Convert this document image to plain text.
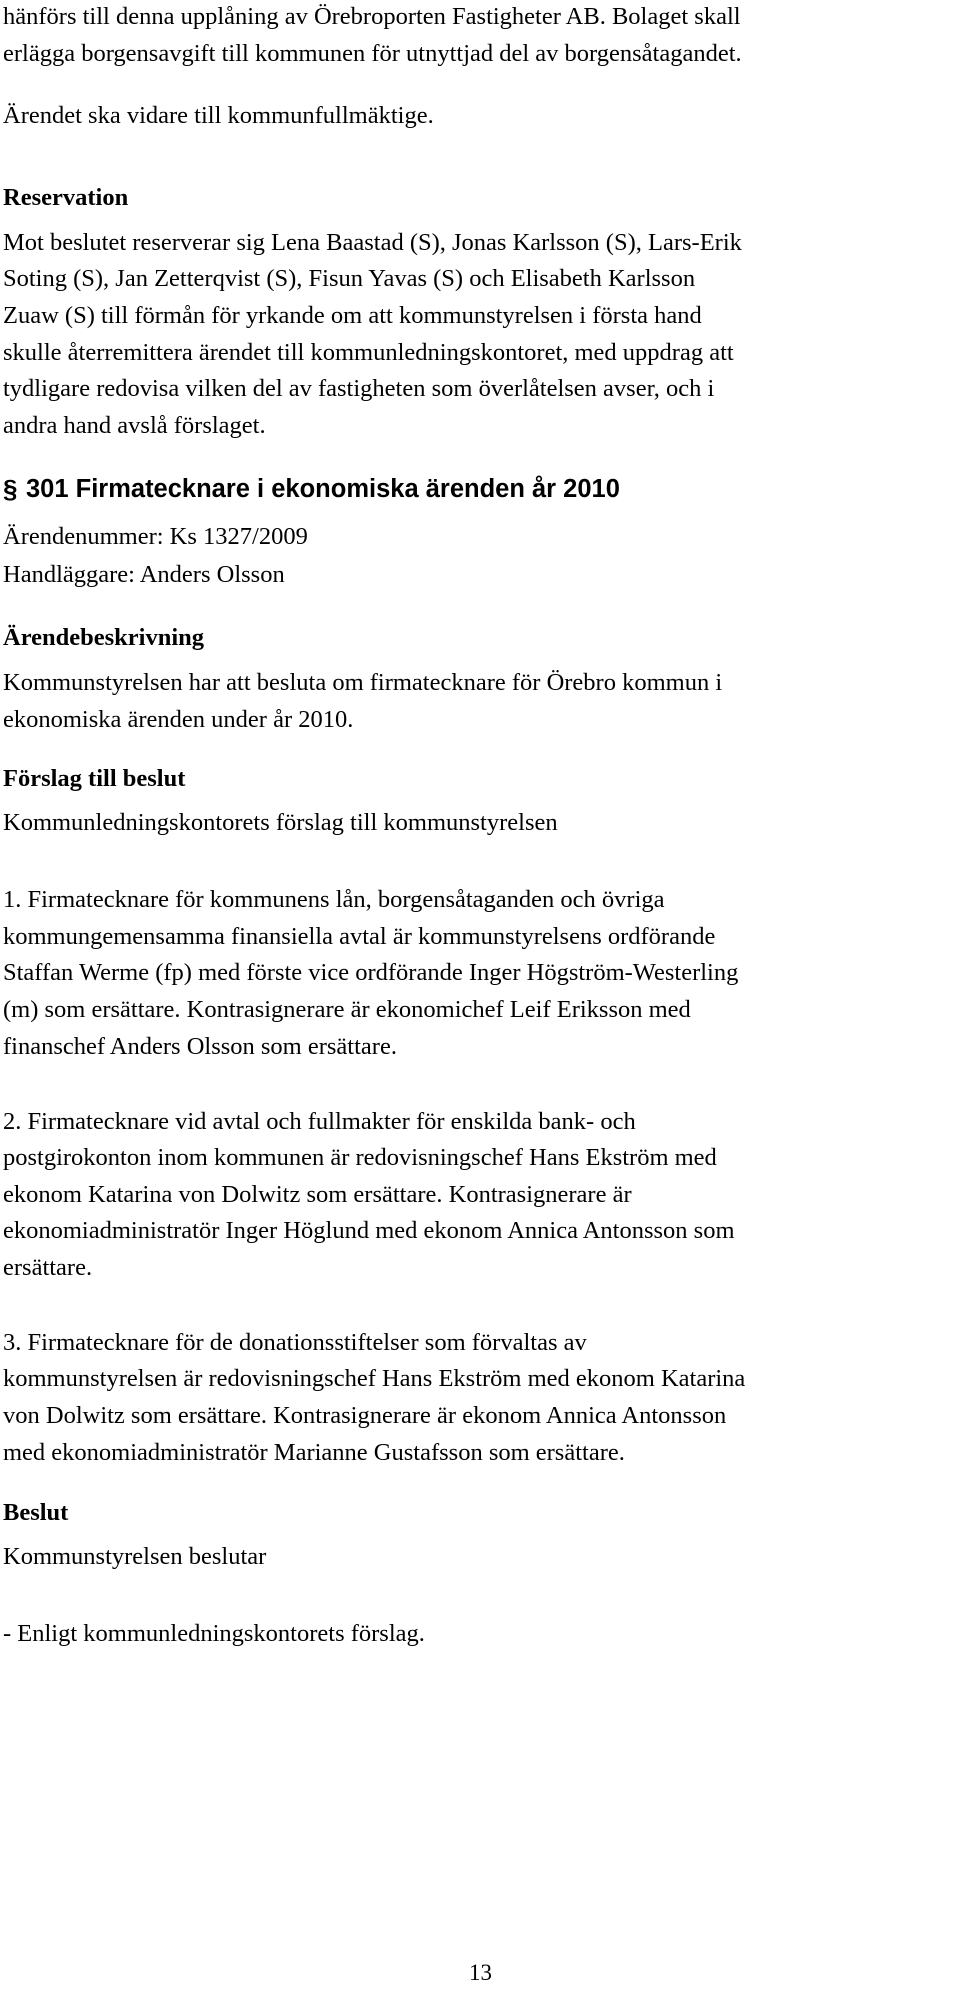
hänförs till denna upplåning av Örebroporten Fastigheter AB. Bolaget skall
erlägga borgensavgift till kommunen för utnyttjad del av borgensåtagandet.
Ärendet ska vidare till kommunfullmäktige.
Reservation
Mot beslutet reserverar sig Lena Baastad (S), Jonas Karlsson (S), Lars-Erik
Soting (S), Jan Zetterqvist (S), Fisun Yavas (S) och Elisabeth Karlsson
Zuaw (S) till förmån för yrkande om att kommunstyrelsen i första hand
skulle återremittera ärendet till kommunledningskontoret, med uppdrag att
tydligare redovisa vilken del av fastigheten som överlåtelsen avser, och i
andra hand avslå förslaget.
§ 301 Firmatecknare i ekonomiska ärenden år 2010
Ärendenummer: Ks 1327/2009
Handläggare: Anders Olsson
Ärendebeskrivning
Kommunstyrelsen har att besluta om firmatecknare för Örebro kommun i
ekonomiska ärenden under år 2010.
Förslag till beslut
Kommunledningskontorets förslag till kommunstyrelsen
1. Firmatecknare för kommunens lån, borgensåtaganden och övriga
kommungemensamma finansiella avtal är kommunstyrelsens ordförande
Staffan Werme (fp) med förste vice ordförande Inger Högström-Westerling
(m) som ersättare. Kontrasignerare är ekonomichef Leif Eriksson med
finanschef Anders Olsson som ersättare.
2. Firmatecknare vid avtal och fullmakter för enskilda bank- och
postgirokonton inom kommunen är redovisningschef Hans Ekström med
ekonom Katarina von Dolwitz som ersättare. Kontrasignerare är
ekonomiadministratör Inger Höglund med ekonom Annica Antonsson som
ersättare.
3. Firmatecknare för de donationsstiftelser som förvaltas av
kommunstyrelsen är redovisningschef Hans Ekström med ekonom Katarina
von Dolwitz som ersättare. Kontrasignerare är ekonom Annica Antonsson
med ekonomiadministratör Marianne Gustafsson som ersättare.
Beslut
Kommunstyrelsen beslutar
- Enligt kommunledningskontorets förslag.
13
